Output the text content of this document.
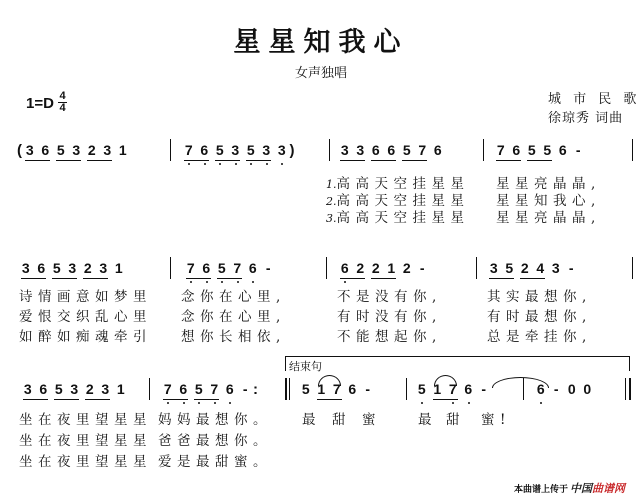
星星知我心
女声独唱
1=D 4
4
城 市 民 歌
徐琼秀 词曲
( 3 6 5 3 2 3 1	7 6 5 3 5 3 3 )	3 3 6 6 5 7 6	7 6 5 5 6 -
1.高高天空挂星星 星星亮晶晶,
2.高高天空挂星星 星星知我心,
3.高高天空挂星星 星星亮晶晶,
3 6 5 3 2 3 1	7 6 5 7 6 -	6 2 2 1 2 -	3 5 2 4 3 -
诗情画意如梦里 念你在心里,	不是没有你,	其实最想你,
爱恨交织乱心里 念你在心里,	有时没有你,	有时最想你,
如醉如痴魂牵引 想你长相依,	不能想起你,	总是牵挂你,
结束句
3 6 5 3 2 3 1	7 6 5 7 6 - :	5 1 7 6 -	5 1 7 6 -	6 - 0 0
坐在夜里望星星 妈妈最想你。 最 甜 蜜	最 甜 蜜!
坐在夜里望星星 爸爸最想你。
坐在夜里望星星 爱是最甜蜜。
本曲谱上传于 中国曲谱网
